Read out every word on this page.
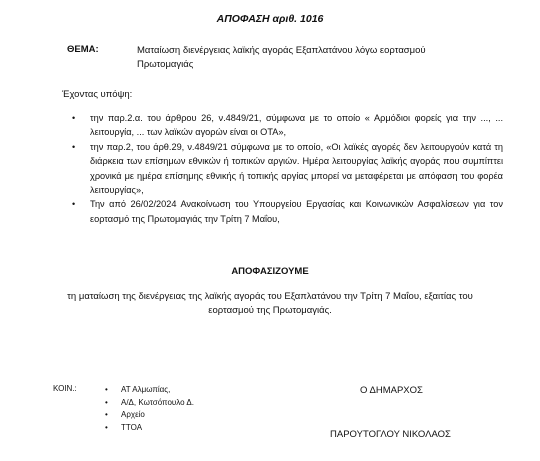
ΑΠΟΦΑΣΗ αριθ. 1016
ΘΕΜΑ:	Ματαίωση διενέργειας λαϊκής αγοράς Εξαπλατάνου λόγω εορτασμού Πρωτομαγιάς
Έχοντας υπόψη:
• την παρ.2.α. του άρθρου 26, ν.4849/21, σύμφωνα με το οποίο « Αρμόδιοι φορείς για την ..., ... λειτουργία, ... των λαϊκών αγορών είναι οι ΟΤΑ»,
• την παρ.2, του άρθ.29, ν.4849/21 σύμφωνα με το οποίο, «Οι λαϊκές αγορές δεν λειτουργούν κατά τη διάρκεια των επίσημων εθνικών ή τοπικών αργιών. Ημέρα λειτουργίας λαϊκής αγοράς που συμπίπτει χρονικά με ημέρα επίσημης εθνικής ή τοπικής αργίας μπορεί να μεταφέρεται με απόφαση του φορέα λειτουργίας»,
• Την από 26/02/2024 Ανακοίνωση του Υπουργείου Εργασίας και Κοινωνικών Ασφαλίσεων για τον εορτασμό της Πρωτομαγιάς την Τρίτη 7 Μαΐου,
ΑΠΟΦΑΣΙΖΟΥΜΕ
τη ματαίωση της διενέργειας της λαϊκής αγοράς του Εξαπλατάνου την Τρίτη 7 Μαΐου, εξαιτίας του εορτασμού της Πρωτομαγιάς.
ΚΟΙΝ.:	• ΑΤ Αλμωπίας,
• Α/Δ, Κωτσόπουλο Δ.
• Αρχείο
• ΤΤΟΑ
Ο ΔΗΜΑΡΧΟΣ
ΠΑΡΟΥΤΟΓΛΟΥ ΝΙΚΟΛΑΟΣ
